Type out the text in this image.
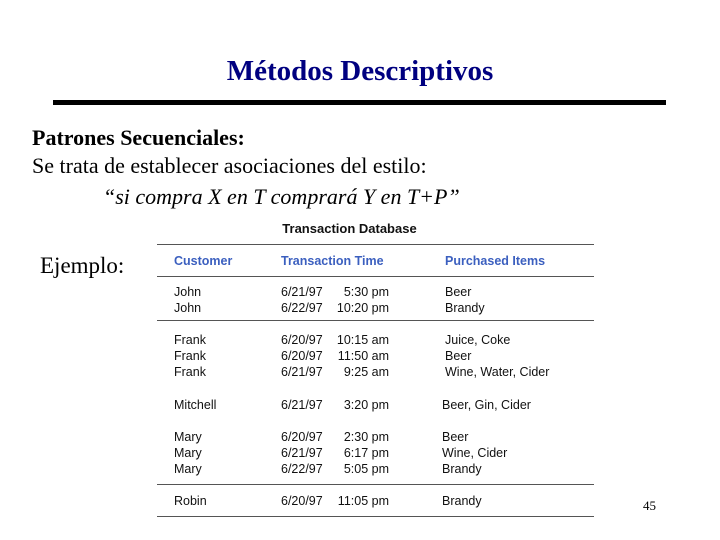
Métodos Descriptivos
Patrones Secuenciales:
Se trata de establecer asociaciones del estilo:
“si compra X en T comprará Y en T+P”
Ejemplo:
Transaction Database
Customer	Transaction Time	Purchased Items
John	6/21/97	5:30 pm	Beer
John	6/22/97	10:20 pm	Brandy
Frank	6/20/97	10:15 am	Juice, Coke
Frank	6/20/97	11:50 am	Beer
Frank	6/21/97	9:25 am	Wine, Water, Cider
Mitchell	6/21/97	3:20 pm	Beer, Gin, Cider
Mary	6/20/97	2:30 pm	Beer
Mary	6/21/97	6:17 pm	Wine, Cider
Mary	6/22/97	5:05 pm	Brandy
Robin	6/20/97	11:05 pm	Brandy	45
